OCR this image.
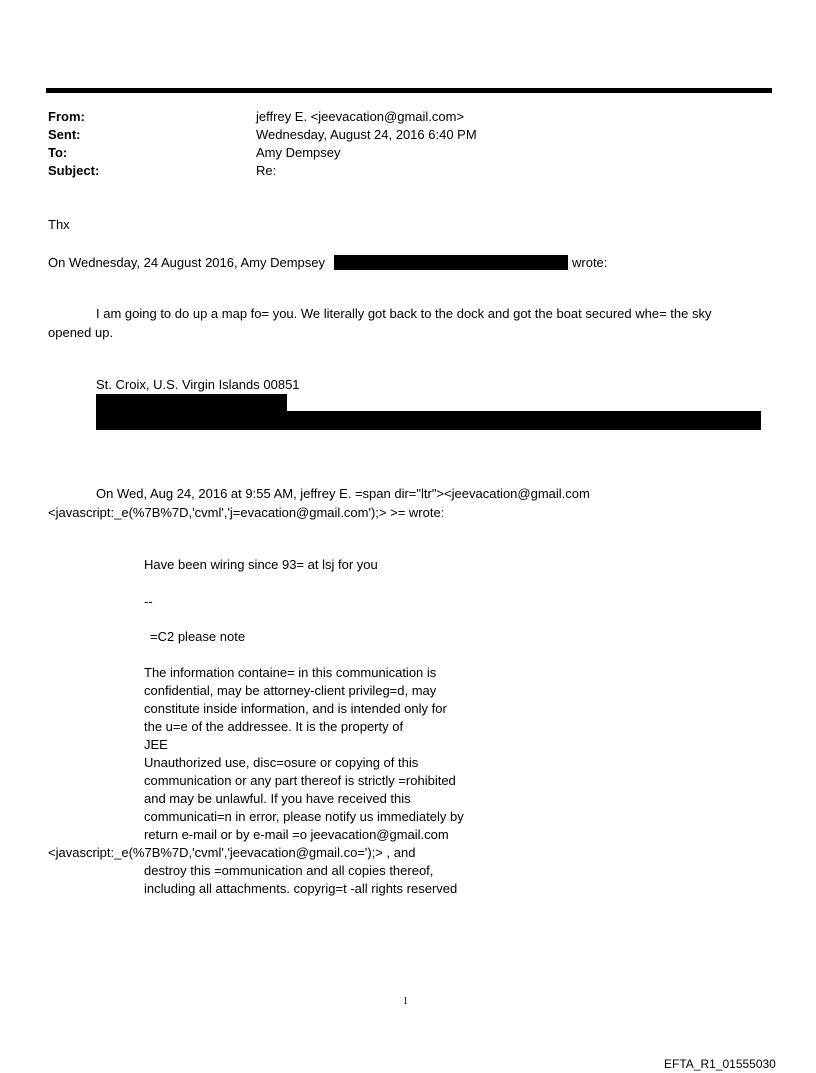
From:	jeffrey E. <jeevacation@gmail.com>
Sent:	Wednesday, August 24, 2016 6:40 PM
To:	Amy Dempsey
Subject:	Re:
Thx
On Wednesday, 24 August 2016, Amy Dempsey	wrote:
I am going to do up a map fo= you. We literally got back to the dock and got the boat secured whe= the sky
opened up.
St. Croix, U.S. Virgin Islands 00851
On Wed, Aug 24, 2016 at 9:55 AM, jeffrey E. =span dir="ltr"><jeevacation@gmail.com
<javascript:_e(%7B%7D,'cvml','j=evacation@gmail.com');> >= wrote:
Have been wiring since 93= at lsj for you
--
=C2 please note
The information containe= in this communication is
confidential, may be attorney-client privileg=d, may
constitute inside information, and is intended only for
the u=e of the addressee. It is the property of
JEE
Unauthorized use, disc=osure or copying of this
communication or any part thereof is strictly =rohibited
and may be unlawful. If you have received this
communicati=n in error, please notify us immediately by
return e-mail or by e-mail =o jeevacation@gmail.com
<javascript:_e(%7B%7D,'cvml','jeevacation@gmail.co=');> , and
destroy this =ommunication and all copies thereof,
including all attachments. copyrig=t -all rights reserved
1
EFTA_R1_01555030
